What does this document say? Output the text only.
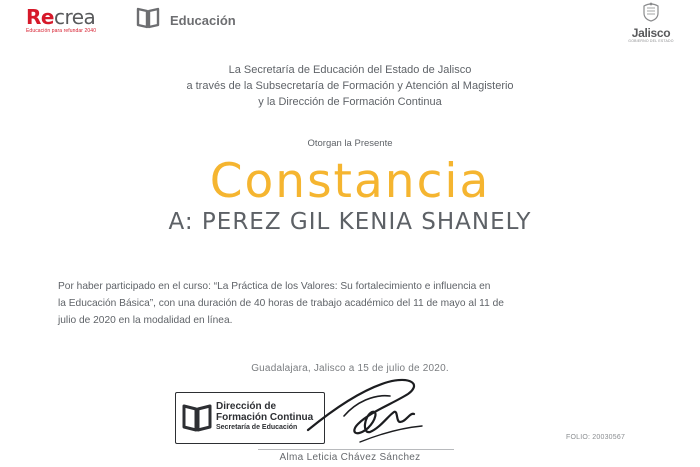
Recrea
Educación para refundar 2040
Educación
Jalisco
GOBIERNO DEL ESTADO
La Secretaría de Educación del Estado de Jalisco
a través de la Subsecretaría de Formación y Atención al Magisterio
y la Dirección de Formación Continua
Otorgan la Presente
Constancia
A: PEREZ GIL KENIA SHANELY
Por haber participado en el curso: “La Práctica de los Valores: Su fortalecimiento e influencia en
la Educación Básica”, con una duración de 40 horas de trabajo académico del 11 de mayo al 11 de
julio de 2020 en la modalidad en línea.
Guadalajara, Jalisco a 15 de julio de 2020.
Dirección de
Formación Continua
Secretaría de Educación
FOLIO: 20030567
Alma Leticia Chávez Sánchez
